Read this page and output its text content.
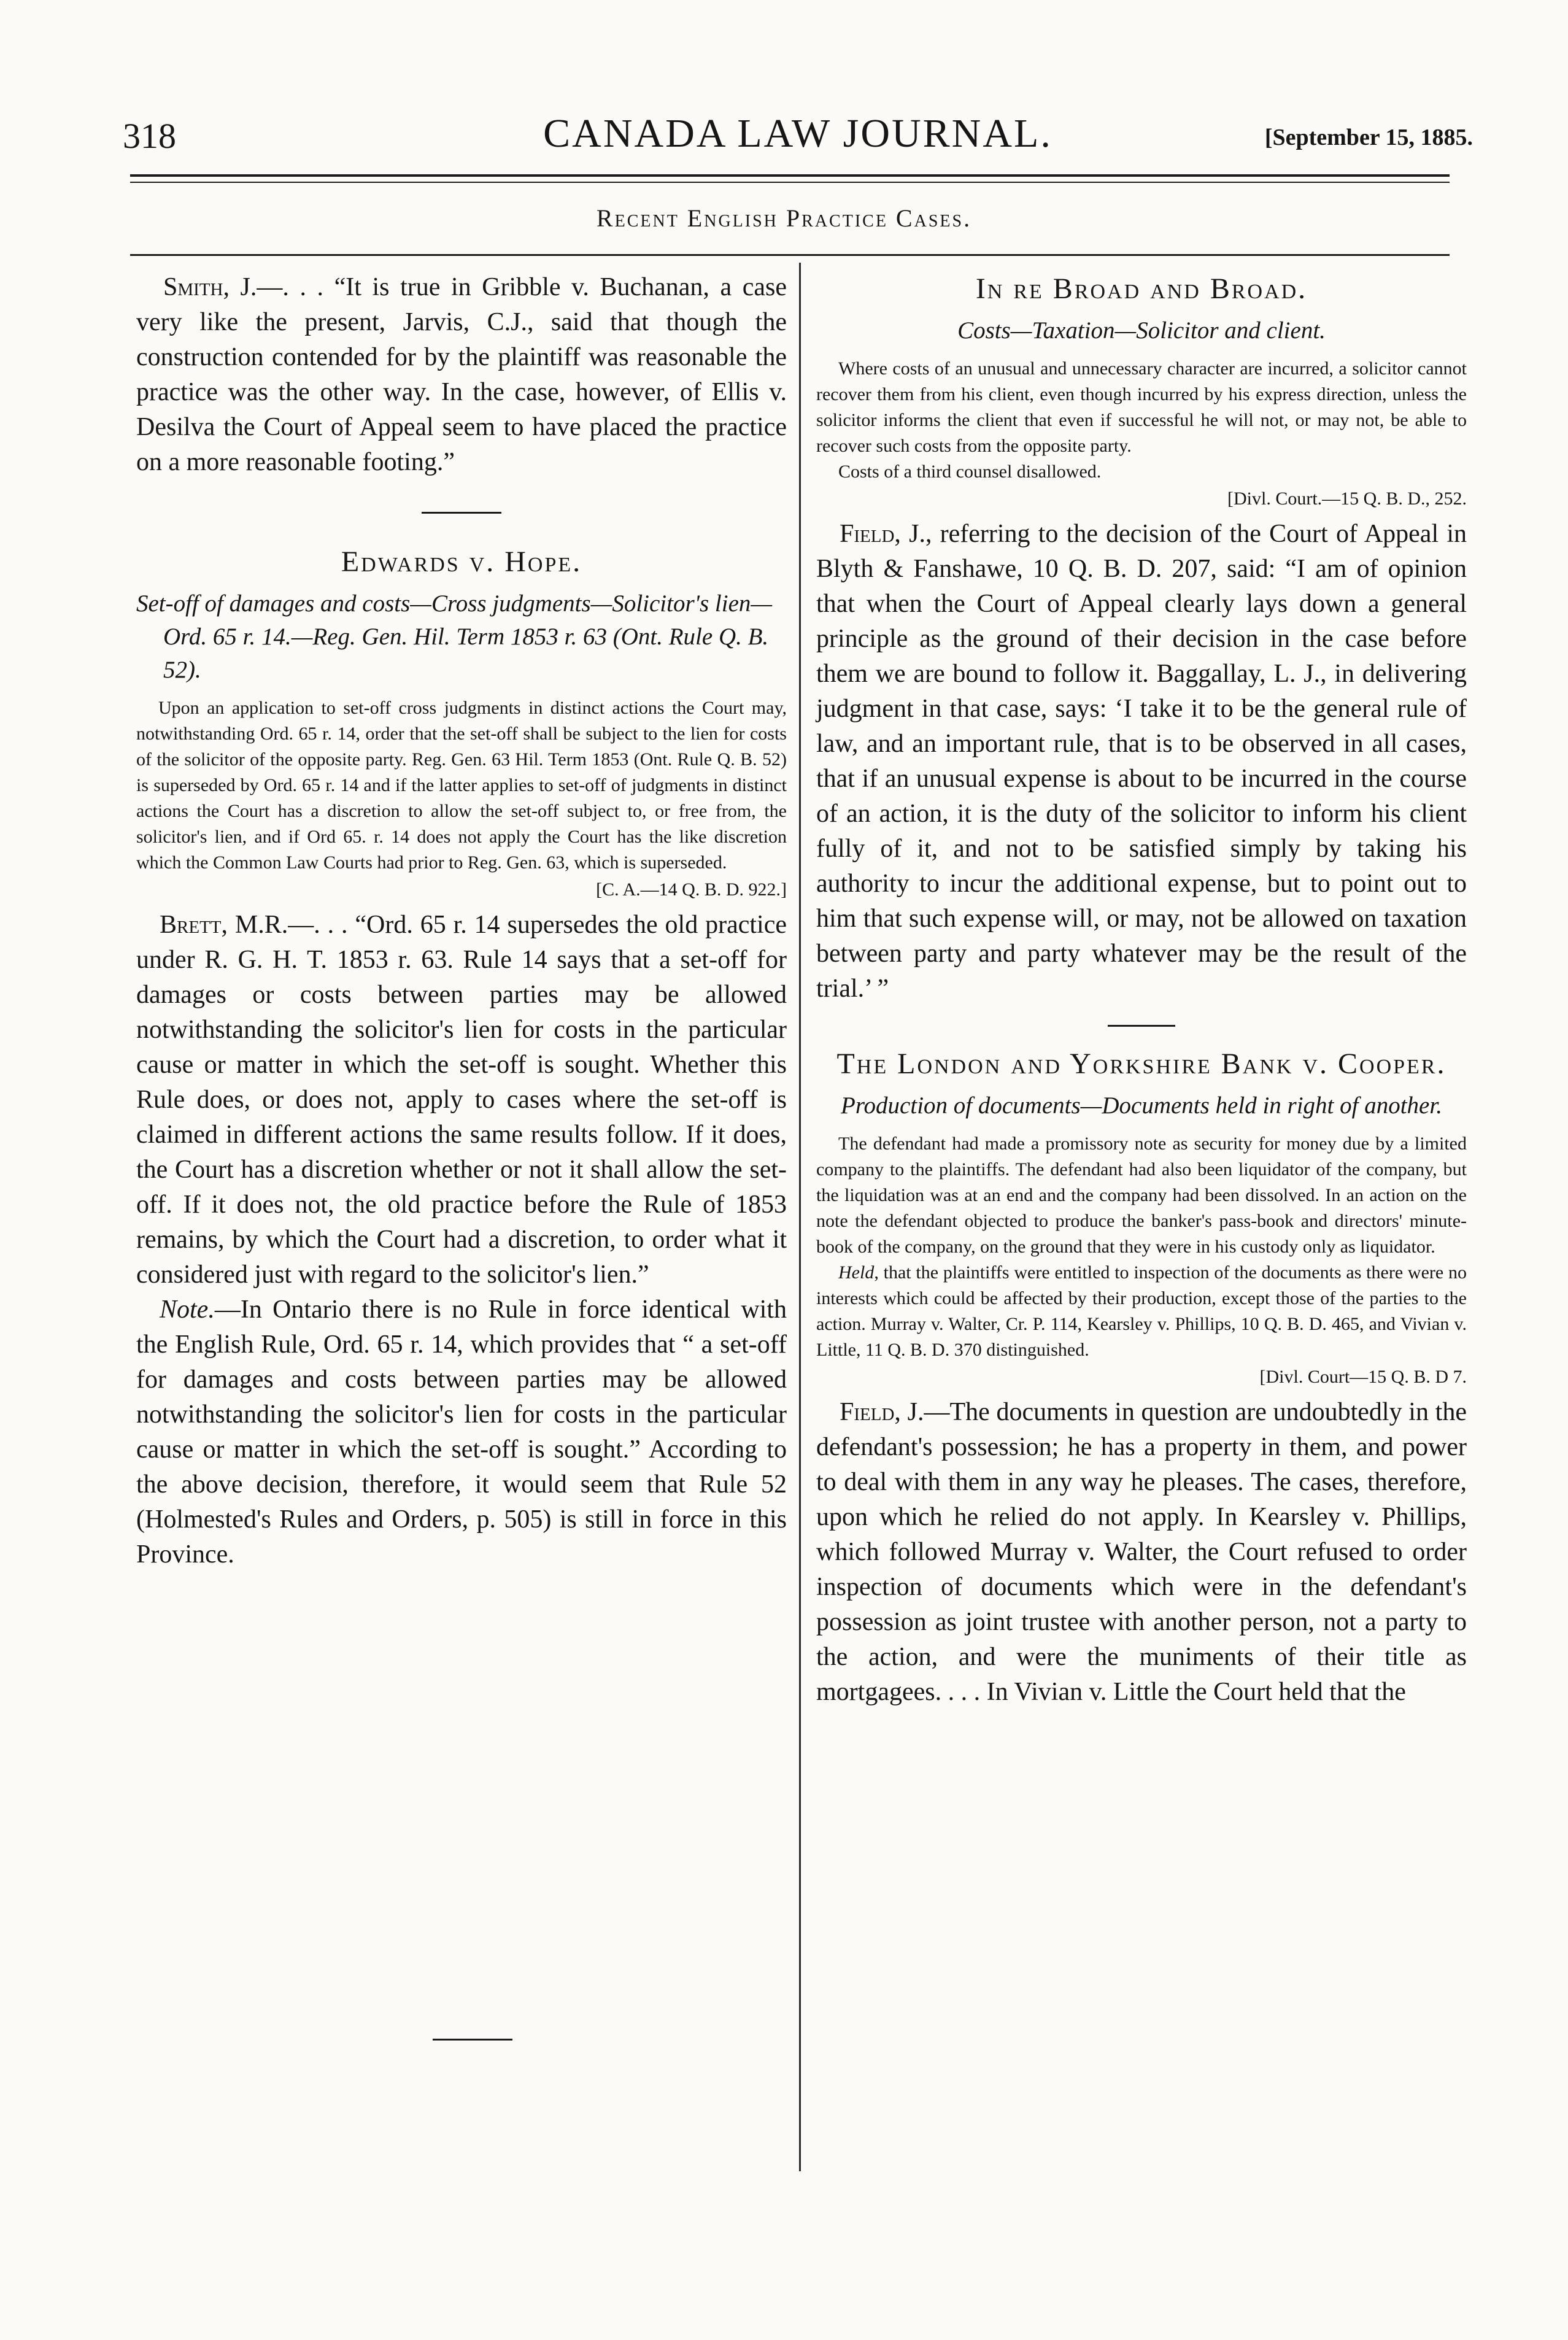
318	CANADA LAW JOURNAL.	[September 15, 1885.
Recent English Practice Cases.

Smith, J.—. . . “It is true in Gribble v. Buchanan, a case very like the present, Jarvis, C.J., said that though the construction contended for by the plaintiff was reasonable the practice was the other way. In the case, however, of Ellis v. Desilva the Court of Appeal seem to have placed the practice on a more reasonable footing.”

Edwards v. Hope.

Set-off of damages and costs—Cross judgments—Solicitor's lien—Ord. 65 r. 14.—Reg. Gen. Hil. Term 1853 r. 63 (Ont. Rule Q. B. 52).

Upon an application to set-off cross judgments in distinct actions the Court may, notwithstanding Ord. 65 r. 14, order that the set-off shall be subject to the lien for costs of the solicitor of the opposite party. Reg. Gen. 63 Hil. Term 1853 (Ont. Rule Q. B. 52) is superseded by Ord. 65 r. 14 and if the latter applies to set-off of judgments in distinct actions the Court has a discretion to allow the set-off subject to, or free from, the solicitor's lien, and if Ord 65. r. 14 does not apply the Court has the like discretion which the Common Law Courts had prior to Reg. Gen. 63, which is superseded.

[C. A.—14 Q. B. D. 922.]

Brett, M.R.—. . . “Ord. 65 r. 14 supersedes the old practice under R. G. H. T. 1853 r. 63. Rule 14 says that a set-off for damages or costs between parties may be allowed notwithstanding the solicitor's lien for costs in the particular cause or matter in which the set-off is sought. Whether this Rule does, or does not, apply to cases where the set-off is claimed in different actions the same results follow. If it does, the Court has a discretion whether or not it shall allow the set-off. If it does not, the old practice before the Rule of 1853 remains, by which the Court had a discretion, to order what it considered just with regard to the solicitor's lien.”

Note.—In Ontario there is no Rule in force identical with the English Rule, Ord. 65 r. 14, which provides that “ a set-off for damages and costs between parties may be allowed notwithstanding the solicitor's lien for costs in the particular cause or matter in which the set-off is sought.” According to the above decision, therefore, it would seem that Rule 52 (Holmested's Rules and Orders, p. 505) is still in force in this Province.

In re Broad and Broad.

Costs—Taxation—Solicitor and client.

Where costs of an unusual and unnecessary character are incurred, a solicitor cannot recover them from his client, even though incurred by his express direction, unless the solicitor informs the client that even if successful he will not, or may not, be able to recover such costs from the opposite party.

Costs of a third counsel disallowed.

[Divl. Court.—15 Q. B. D., 252.

Field, J., referring to the decision of the Court of Appeal in Blyth & Fanshawe, 10 Q. B. D. 207, said: “I am of opinion that when the Court of Appeal clearly lays down a general principle as the ground of their decision in the case before them we are bound to follow it. Baggallay, L. J., in delivering judgment in that case, says: ‘I take it to be the general rule of law, and an important rule, that is to be observed in all cases, that if an unusual expense is about to be incurred in the course of an action, it is the duty of the solicitor to inform his client fully of it, and not to be satisfied simply by taking his authority to incur the additional expense, but to point out to him that such expense will, or may, not be allowed on taxation between party and party whatever may be the result of the trial.’ ”

The London and Yorkshire Bank v. Cooper.

Production of documents—Documents held in right of another.

The defendant had made a promissory note as security for money due by a limited company to the plaintiffs. The defendant had also been liquidator of the company, but the liquidation was at an end and the company had been dissolved. In an action on the note the defendant objected to produce the banker's pass-book and directors' minute-book of the company, on the ground that they were in his custody only as liquidator.

Held, that the plaintiffs were entitled to inspection of the documents as there were no interests which could be affected by their production, except those of the parties to the action. Murray v. Walter, Cr. P. 114, Kearsley v. Phillips, 10 Q. B. D. 465, and Vivian v. Little, 11 Q. B. D. 370 distinguished.

[Divl. Court—15 Q. B. D 7.

Field, J.—The documents in question are undoubtedly in the defendant's possession; he has a property in them, and power to deal with them in any way he pleases. The cases, therefore, upon which he relied do not apply. In Kearsley v. Phillips, which followed Murray v. Walter, the Court refused to order inspection of documents which were in the defendant's possession as joint trustee with another person, not a party to the action, and were the muniments of their title as mortgagees. . . . In Vivian v. Little the Court held that the
